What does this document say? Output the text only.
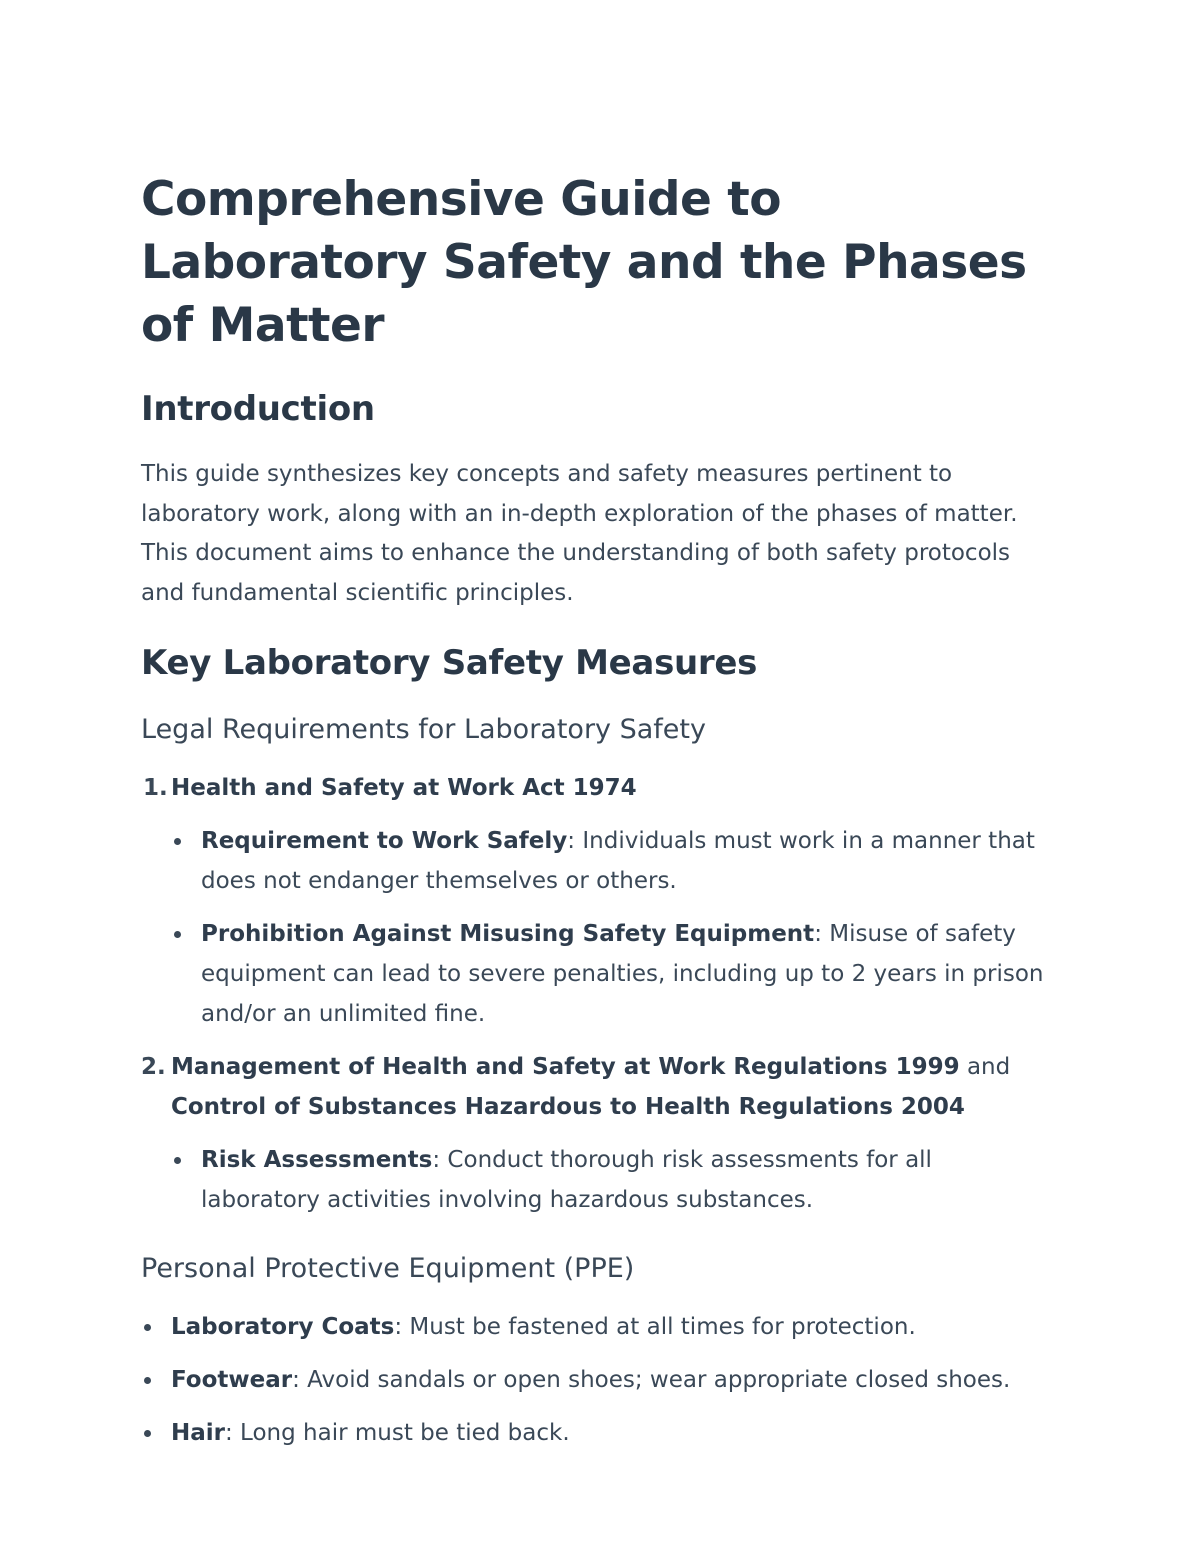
Comprehensive Guide to Laboratory Safety and the Phases of Matter
Introduction

This guide synthesizes key concepts and safety measures pertinent to laboratory work, along with an in-depth exploration of the phases of matter. This document aims to enhance the understanding of both safety protocols and fundamental scientific principles.

Key Laboratory Safety Measures
Legal Requirements for Laboratory Safety
1. Health and Safety at Work Act 1974
Requirement to Work Safely: Individuals must work in a manner that does not endanger themselves or others.
Prohibition Against Misusing Safety Equipment: Misuse of safety equipment can lead to severe penalties, including up to 2 years in prison and/or an unlimited fine.
2. Management of Health and Safety at Work Regulations 1999 and Control of Substances Hazardous to Health Regulations 2004
Risk Assessments: Conduct thorough risk assessments for all laboratory activities involving hazardous substances.
Personal Protective Equipment (PPE)
Laboratory Coats: Must be fastened at all times for protection.
Footwear: Avoid sandals or open shoes; wear appropriate closed shoes.
Hair: Long hair must be tied back.
